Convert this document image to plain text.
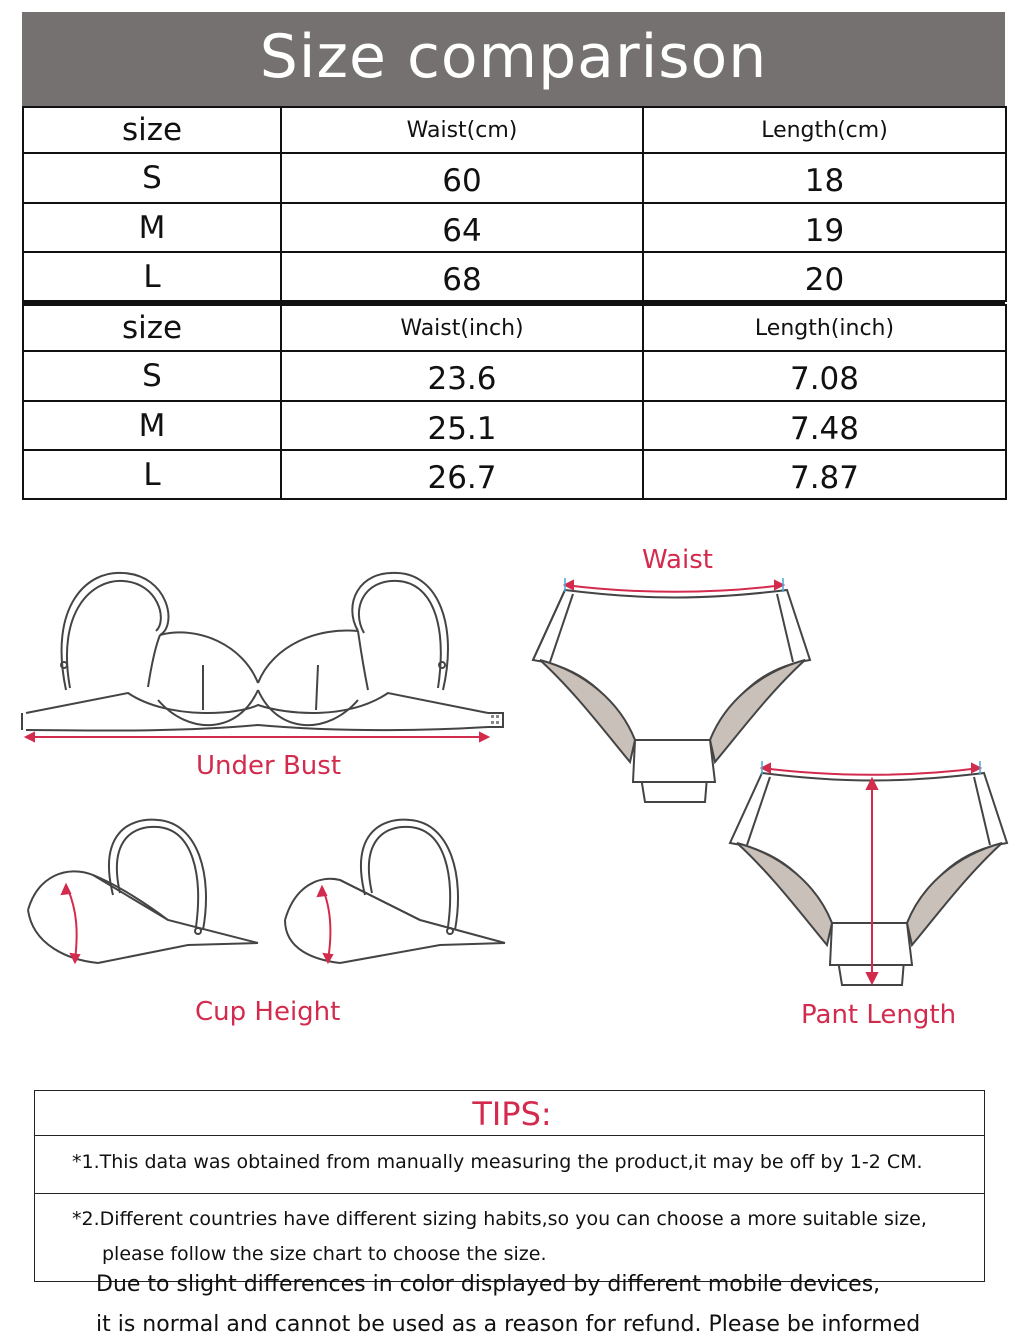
Size comparison
size	Waist(cm)	Length(cm)
S	60	18
M	64	19
L	68	20
size	Waist(inch)	Length(inch)
S	23.6	7.08
M	25.1	7.48
L	26.7	7.87
Under Bust
Cup Height
Waist
Pant Length
TIPS:
*1.This data was obtained from manually measuring the product,it may be off by 1-2 CM.
*2.Different countries have different sizing habits,so you can choose a more suitable size,
please follow the size chart to choose the size.
Due to slight differences in color displayed by different mobile devices,
it is normal and cannot be used as a reason for refund. Please be informed
